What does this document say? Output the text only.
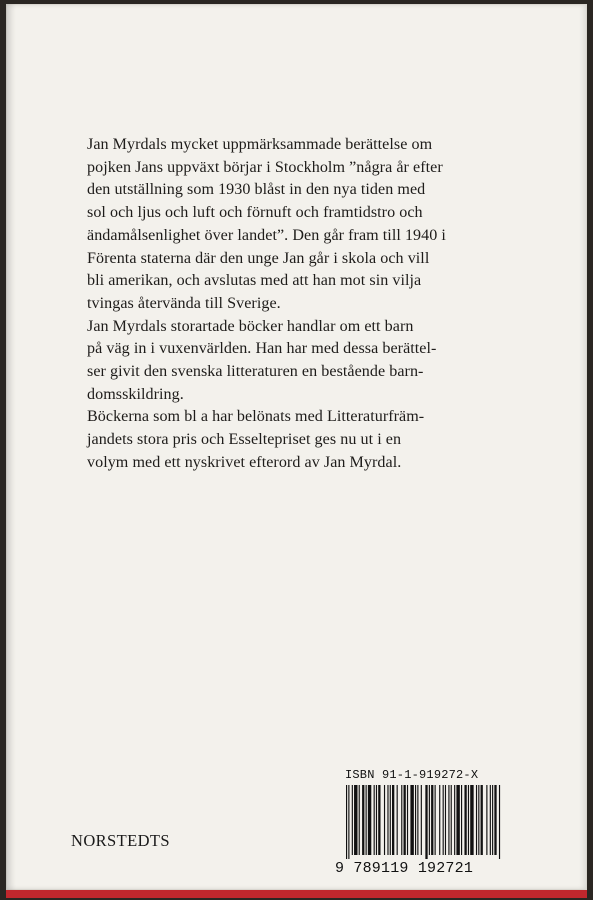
Jan Myrdals mycket uppmärksammade berättelse om
pojken Jans uppväxt börjar i Stockholm ”några år efter
den utställning som 1930 blåst in den nya tiden med
sol och ljus och luft och förnuft och framtidstro och
ändamålsenlighet över landet”. Den går fram till 1940 i
Förenta staterna där den unge Jan går i skola och vill
bli amerikan, och avslutas med att han mot sin vilja
tvingas återvända till Sverige.

Jan Myrdals storartade böcker handlar om ett barn
på väg in i vuxenvärlden. Han har med dessa berättel-
ser givit den svenska litteraturen en bestående barn-
domsskildring.

Böckerna som bl a har belönats med Litteraturfräm-
jandets stora pris och Esseltepriset ges nu ut i en
volym med ett nyskrivet efterord av Jan Myrdal.

NORSTEDTS
ISBN 91-1-919272-X
9 789119 192721
